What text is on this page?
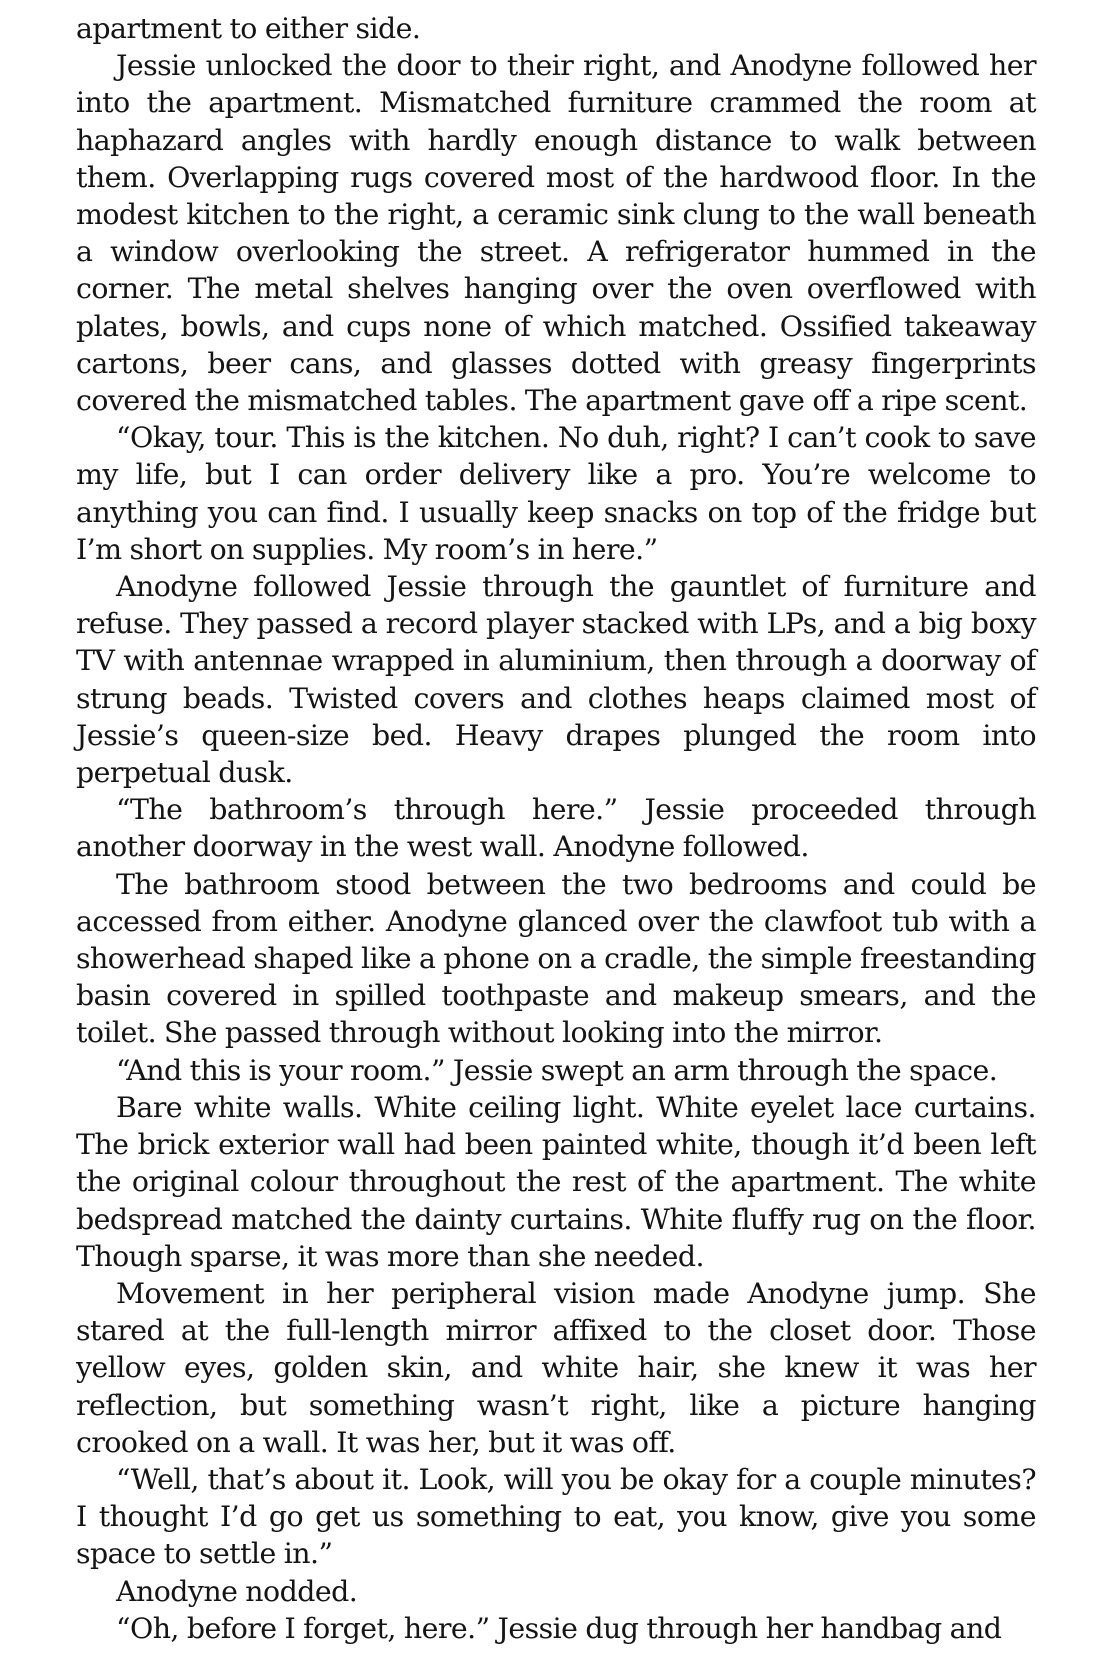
apartment to either side.

Jessie unlocked the door to their right, and Anodyne followed her into the apartment. Mismatched furniture crammed the room at haphazard angles with hardly enough distance to walk between them. Overlapping rugs covered most of the hardwood floor. In the modest kitchen to the right, a ceramic sink clung to the wall beneath a window overlooking the street. A refrigerator hummed in the corner. The metal shelves hanging over the oven overflowed with plates, bowls, and cups none of which matched. Ossified takeaway cartons, beer cans, and glasses dotted with greasy fingerprints covered the mismatched tables. The apartment gave off a ripe scent.

“Okay, tour. This is the kitchen. No duh, right? I can’t cook to save my life, but I can order delivery like a pro. You’re welcome to anything you can find. I usually keep snacks on top of the fridge but I’m short on supplies. My room’s in here.”

Anodyne followed Jessie through the gauntlet of furniture and refuse. They passed a record player stacked with LPs, and a big boxy TV with antennae wrapped in aluminium, then through a doorway of strung beads. Twisted covers and clothes heaps claimed most of Jessie’s queen-size bed. Heavy drapes plunged the room into perpetual dusk.

“The bathroom’s through here.” Jessie proceeded through another doorway in the west wall. Anodyne followed.

The bathroom stood between the two bedrooms and could be accessed from either. Anodyne glanced over the clawfoot tub with a showerhead shaped like a phone on a cradle, the simple freestanding basin covered in spilled toothpaste and makeup smears, and the toilet. She passed through without looking into the mirror.

“And this is your room.” Jessie swept an arm through the space.

Bare white walls. White ceiling light. White eyelet lace curtains. The brick exterior wall had been painted white, though it’d been left the original colour throughout the rest of the apartment. The white bedspread matched the dainty curtains. White fluffy rug on the floor. Though sparse, it was more than she needed.

Movement in her peripheral vision made Anodyne jump. She stared at the full-length mirror affixed to the closet door. Those yellow eyes, golden skin, and white hair, she knew it was her reflection, but something wasn’t right, like a picture hanging crooked on a wall. It was her, but it was off.

“Well, that’s about it. Look, will you be okay for a couple minutes? I thought I’d go get us something to eat, you know, give you some space to settle in.”

Anodyne nodded.

“Oh, before I forget, here.” Jessie dug through her handbag and
